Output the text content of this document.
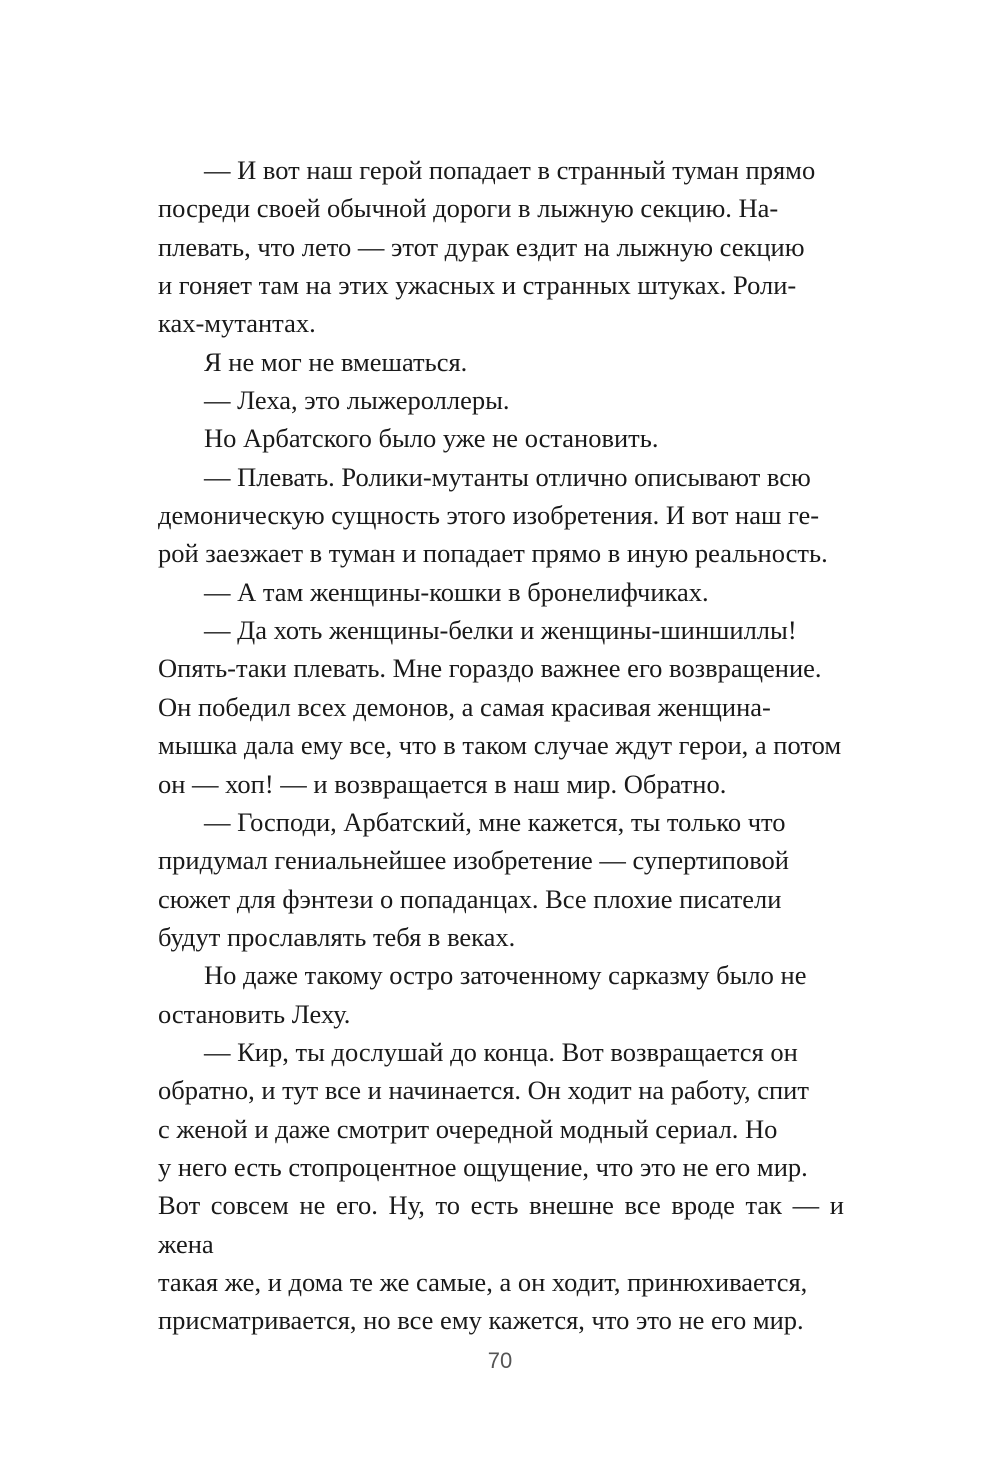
— И вот наш герой попадает в странный туман прямо
посреди своей обычной дороги в лыжную секцию. На-
плевать, что лето — этот дурак ездит на лыжную секцию
и гоняет там на этих ужасных и странных штуках. Роли-
ках-мутантах.

Я не мог не вмешаться.

— Леха, это лыжероллеры.

Но Арбатского было уже не остановить.

— Плевать. Ролики-мутанты отлично описывают всю
демоническую сущность этого изобретения. И вот наш ге-
рой заезжает в туман и попадает прямо в иную реальность.

— А там женщины-кошки в бронелифчиках.

— Да хоть женщины-белки и женщины-шиншиллы!
Опять-таки плевать. Мне гораздо важнее его возвращение.
Он победил всех демонов, а самая красивая женщина-
мышка дала ему все, что в таком случае ждут герои, а потом
он — хоп! — и возвращается в наш мир. Обратно.

— Господи, Арбатский, мне кажется, ты только что
придумал гениальнейшее изобретение — супертиповой
сюжет для фэнтези о попаданцах. Все плохие писатели
будут прославлять тебя в веках.

Но даже такому остро заточенному сарказму было не
остановить Леху.

— Кир, ты дослушай до конца. Вот возвращается он
обратно, и тут все и начинается. Он ходит на работу, спит
с женой и даже смотрит очередной модный сериал. Но
у него есть стопроцентное ощущение, что это не его мир.
Вот совсем не его. Ну, то есть внешне все вроде так — и жена
такая же, и дома те же самые, а он ходит, принюхивается,
присматривается, но все ему кажется, что это не его мир.

70
